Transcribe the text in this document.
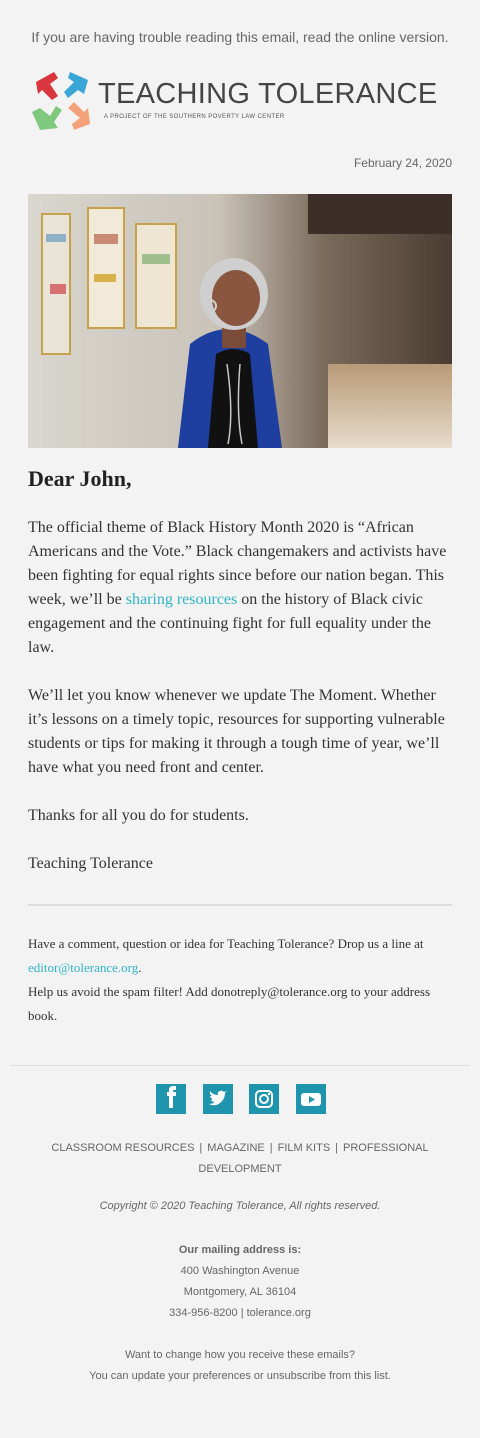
If you are having trouble reading this email, read the online version.
TEACHING TOLERANCE
A PROJECT OF THE SOUTHERN POVERTY LAW CENTER
February 24, 2020
Dear John,
The official theme of Black History Month 2020 is “African Americans and the Vote.” Black changemakers and activists have been fighting for equal rights since before our nation began. This week, we’ll be sharing resources on the history of Black civic engagement and the continuing fight for full equality under the law.
We’ll let you know whenever we update The Moment. Whether it’s lessons on a timely topic, resources for supporting vulnerable students or tips for making it through a tough time of year, we’ll have what you need front and center.
Thanks for all you do for students.
Teaching Tolerance
Have a comment, question or idea for Teaching Tolerance? Drop us a line at editor@tolerance.org.
Help us avoid the spam filter! Add donotreply@tolerance.org to your address book.
CLASSROOM RESOURCES | MAGAZINE | FILM KITS | PROFESSIONAL DEVELOPMENT
Copyright © 2020 Teaching Tolerance, All rights reserved.
Our mailing address is:
400 Washington Avenue
Montgomery, AL 36104
334-956-8200 | tolerance.org
Want to change how you receive these emails?
You can update your preferences or unsubscribe from this list.
